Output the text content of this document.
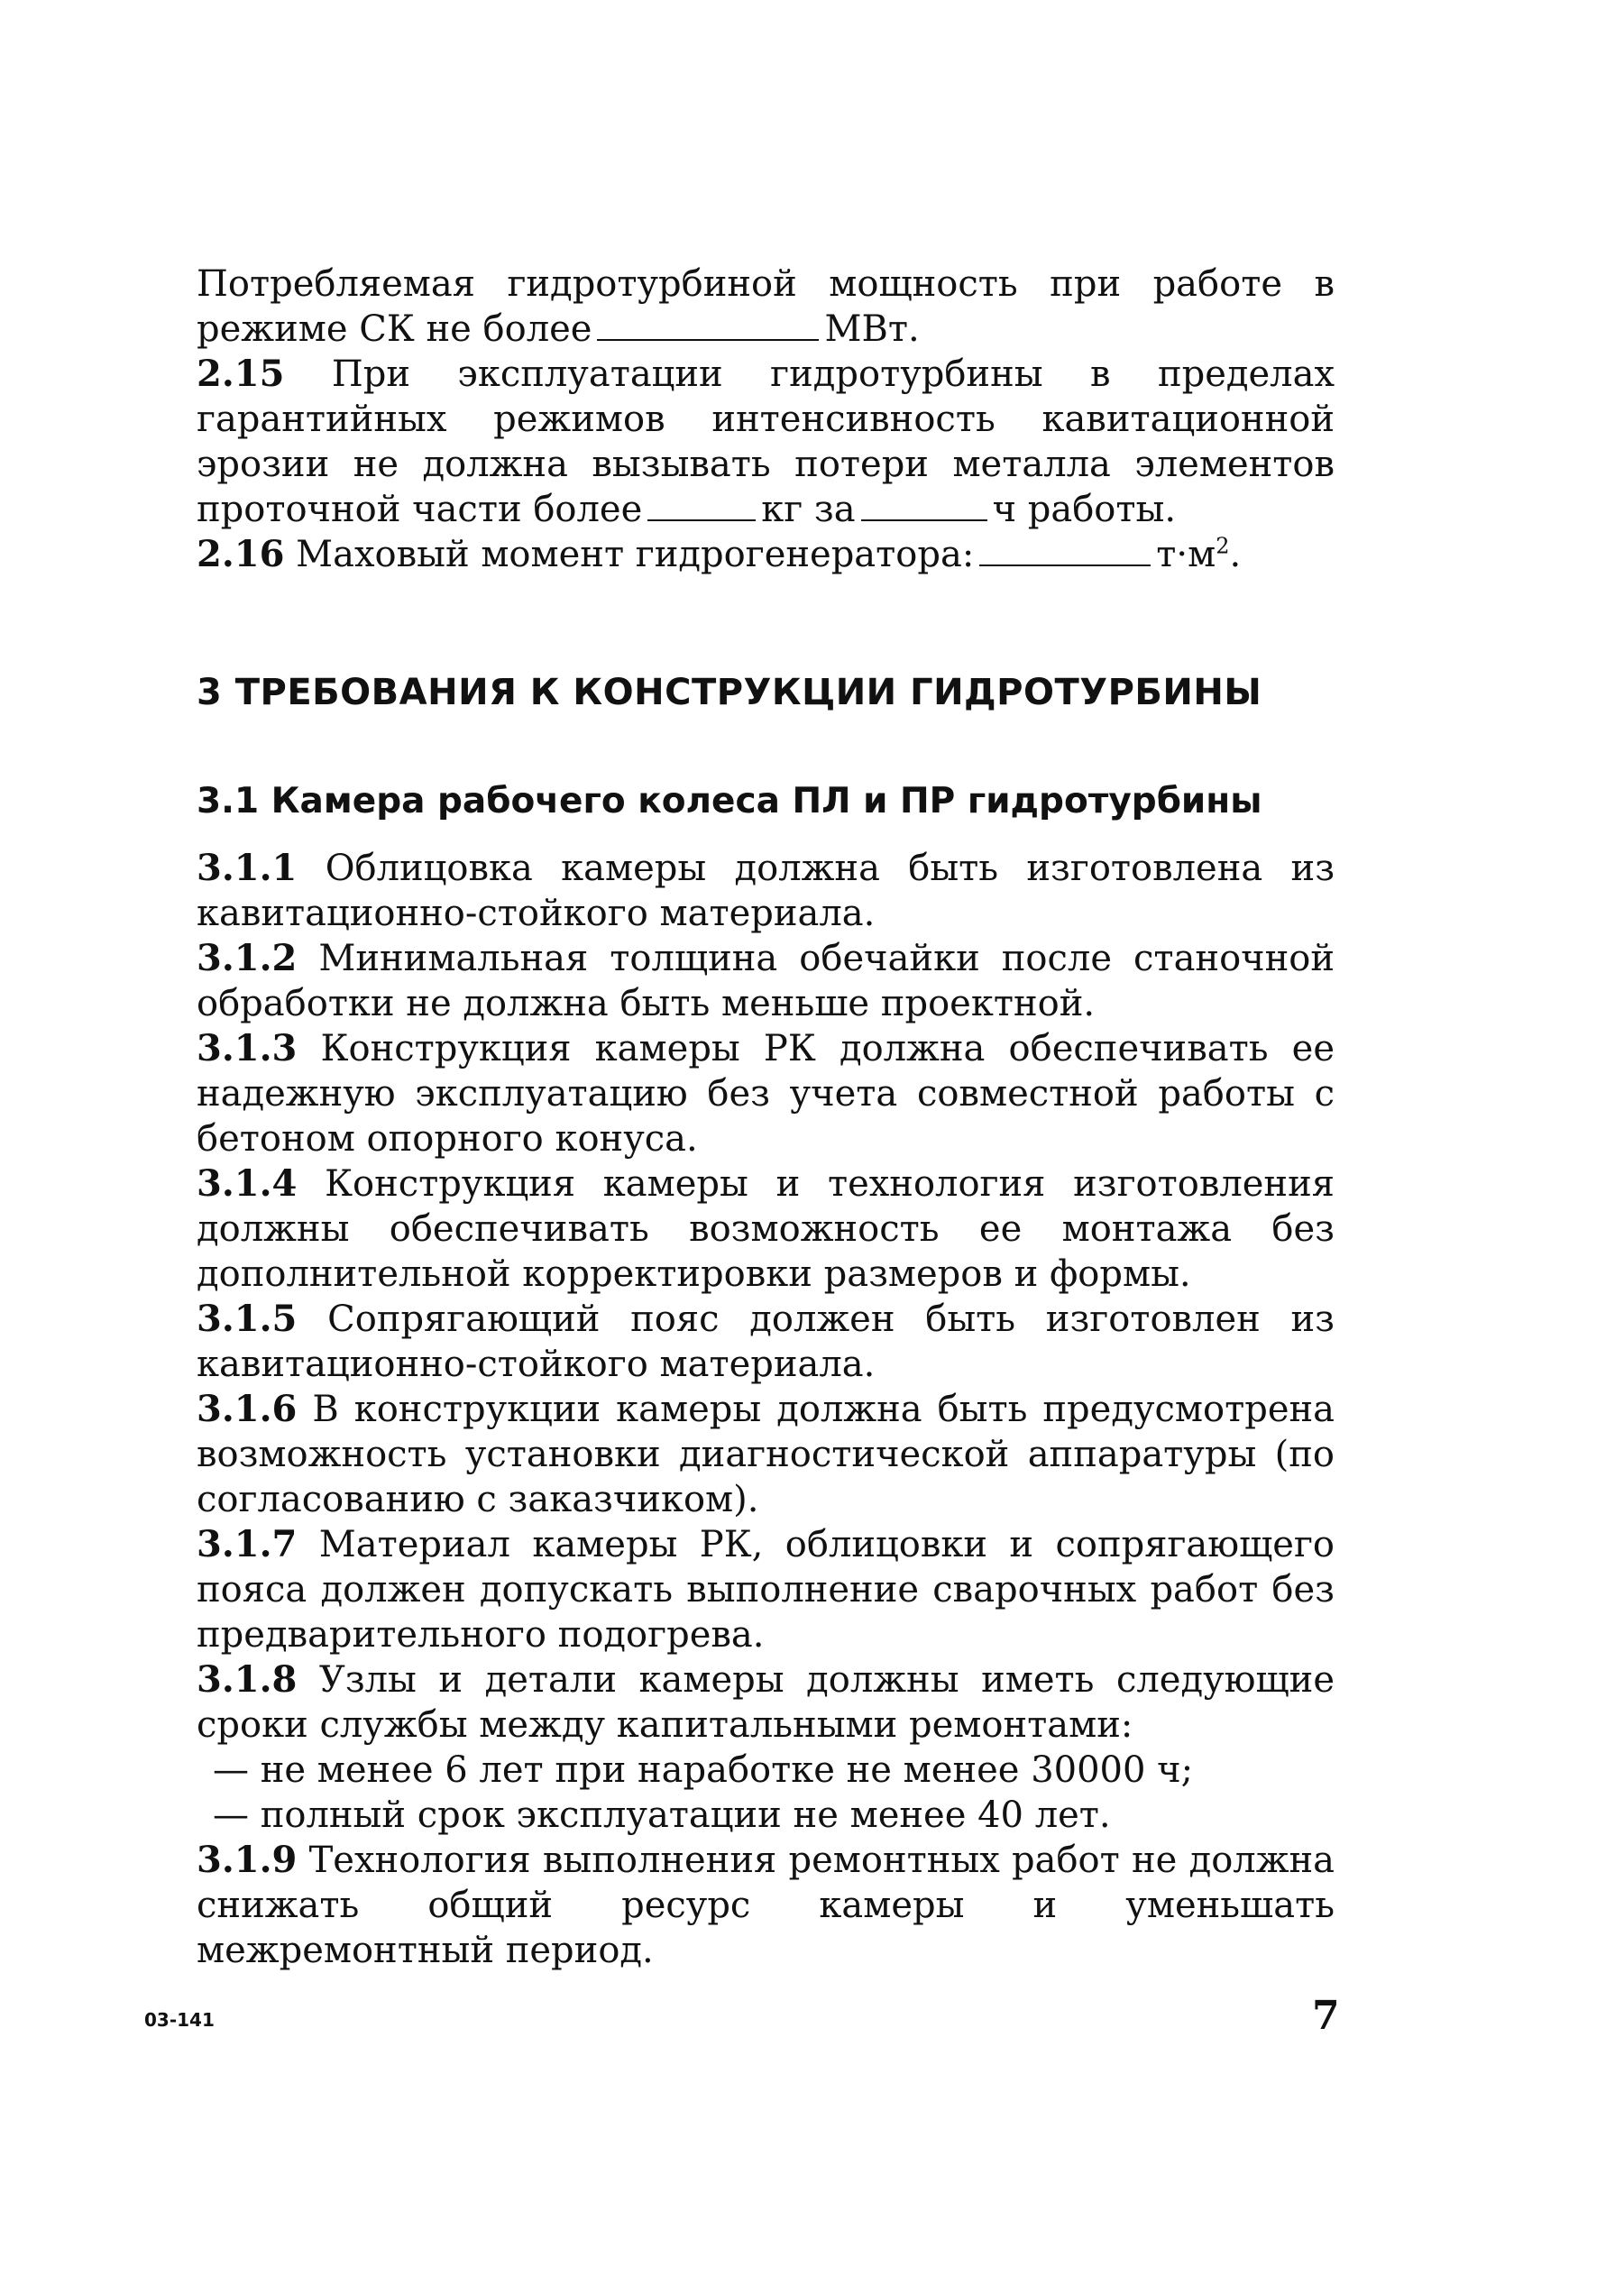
Потребляемая гидротурбиной мощность при работе в режиме СК не более	МВт.

2.15 При эксплуатации гидротурбины в пределах гарантийных режимов интенсивность кавитационной эрозии не должна вызывать потери металла элементов проточной части более	кг за	ч работы.

2.16 Маховый момент гидрогенератора:	$т\cdot м^2$.

3 ТРЕБОВАНИЯ К КОНСТРУКЦИИ ГИДРОТУРБИНЫ
3.1 Камера рабочего колеса ПЛ и ПР гидротурбины

3.1.1 Облицовка камеры должна быть изготовлена из кавитационно-стойкого материала.

3.1.2 Минимальная толщина обечайки после станочной обработки не должна быть меньше проектной.

3.1.3 Конструкция камеры РК должна обеспечивать ее надежную эксплуатацию без учета совместной работы с бетоном опорного конуса.

3.1.4 Конструкция камеры и технология изготовления должны обеспечивать возможность ее монтажа без дополнительной корректировки размеров и формы.

3.1.5 Сопрягающий пояс должен быть изготовлен из кавитационно-стойкого материала.

3.1.6 В конструкции камеры должна быть предусмотрена возможность установки диагностической аппаратуры (по согласованию с заказчиком).

3.1.7 Материал камеры РК, облицовки и сопрягающего пояса должен допускать выполнение сварочных работ без предварительного подогрева.

3.1.8 Узлы и детали камеры должны иметь следующие сроки службы между капитальными ремонтами:

— не менее 6 лет при наработке не менее 30000 ч;

— полный срок эксплуатации не менее 40 лет.

3.1.9 Технология выполнения ремонтных работ не должна снижать общий ресурс камеры и уменьшать межремонтный период.

03-141	7
